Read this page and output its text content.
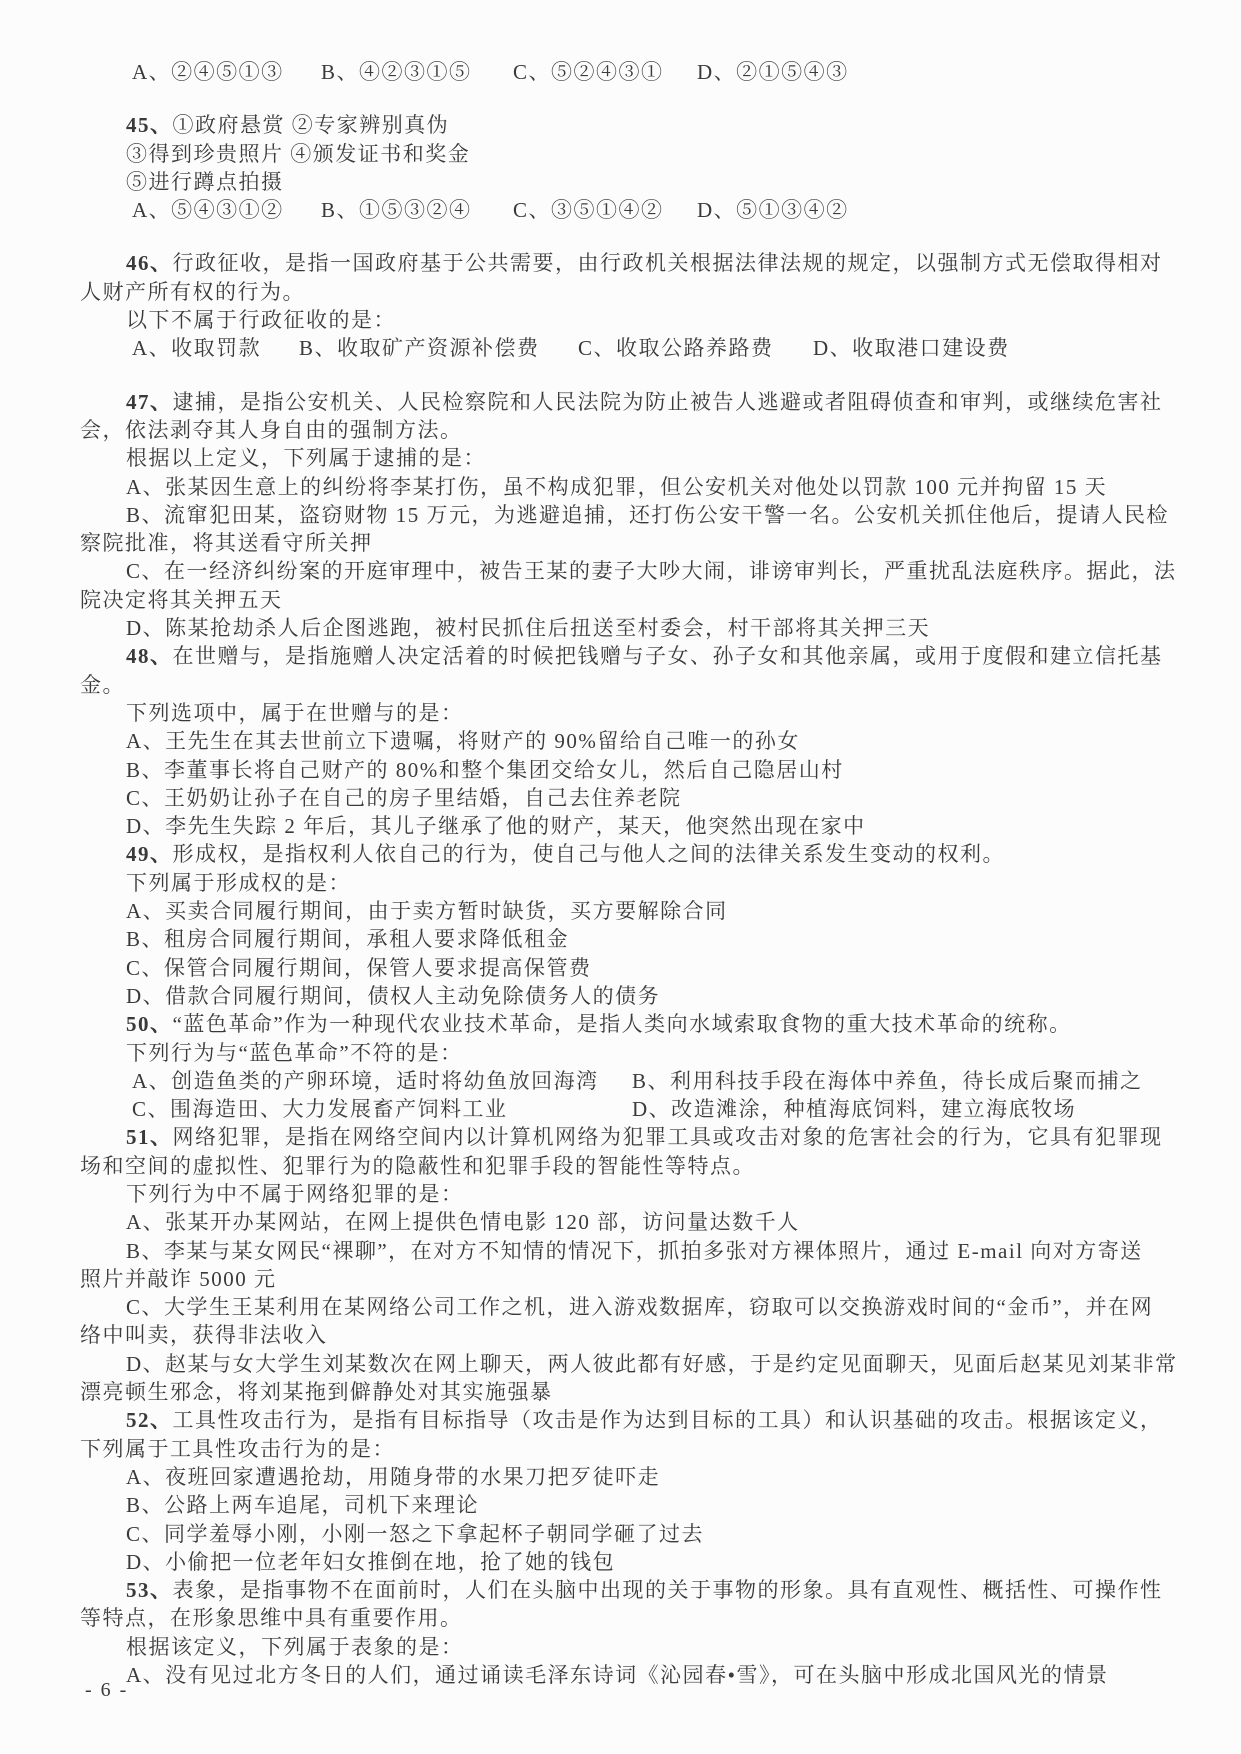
A、②④⑤①③ B、④②③①⑤ C、⑤②④③① D、②①⑤④③
45、①政府悬赏 ②专家辨别真伪
③得到珍贵照片 ④颁发证书和奖金
⑤进行蹲点拍摄
A、⑤④③①② B、①⑤③②④ C、③⑤①④② D、⑤①③④②
46、行政征收，是指一国政府基于公共需要，由行政机关根据法律法规的规定，以强制方式无偿取得相对
人财产所有权的行为。
以下不属于行政征收的是：
A、收取罚款 B、收取矿产资源补偿费 C、收取公路养路费 D、收取港口建设费
47、逮捕，是指公安机关、人民检察院和人民法院为防止被告人逃避或者阻碍侦查和审判，或继续危害社
会，依法剥夺其人身自由的强制方法。
根据以上定义，下列属于逮捕的是：
A、张某因生意上的纠纷将李某打伤，虽不构成犯罪，但公安机关对他处以罚款 100 元并拘留 15 天
B、流窜犯田某，盗窃财物 15 万元，为逃避追捕，还打伤公安干警一名。公安机关抓住他后，提请人民检
察院批准，将其送看守所关押
C、在一经济纠纷案的开庭审理中，被告王某的妻子大吵大闹，诽谤审判长，严重扰乱法庭秩序。据此，法
院决定将其关押五天
D、陈某抢劫杀人后企图逃跑，被村民抓住后扭送至村委会，村干部将其关押三天
48、在世赠与，是指施赠人决定活着的时候把钱赠与子女、孙子女和其他亲属，或用于度假和建立信托基
金。
下列选项中，属于在世赠与的是：
A、王先生在其去世前立下遗嘱，将财产的 90%留给自己唯一的孙女
B、李董事长将自己财产的 80%和整个集团交给女儿，然后自己隐居山村
C、王奶奶让孙子在自己的房子里结婚，自己去住养老院
D、李先生失踪 2 年后，其儿子继承了他的财产，某天，他突然出现在家中
49、形成权，是指权利人依自己的行为，使自己与他人之间的法律关系发生变动的权利。
下列属于形成权的是：
A、买卖合同履行期间，由于卖方暂时缺货，买方要解除合同
B、租房合同履行期间，承租人要求降低租金
C、保管合同履行期间，保管人要求提高保管费
D、借款合同履行期间，债权人主动免除债务人的债务
50、“蓝色革命”作为一种现代农业技术革命，是指人类向水域索取食物的重大技术革命的统称。
下列行为与“蓝色革命”不符的是：
A、创造鱼类的产卵环境，适时将幼鱼放回海湾 B、利用科技手段在海体中养鱼，待长成后聚而捕之
C、围海造田、大力发展畜产饲料工业	D、改造滩涂，种植海底饲料，建立海底牧场
51、网络犯罪，是指在网络空间内以计算机网络为犯罪工具或攻击对象的危害社会的行为，它具有犯罪现
场和空间的虚拟性、犯罪行为的隐蔽性和犯罪手段的智能性等特点。
下列行为中不属于网络犯罪的是：
A、张某开办某网站，在网上提供色情电影 120 部，访问量达数千人
B、李某与某女网民“裸聊”，在对方不知情的情况下，抓拍多张对方裸体照片，通过 E-mail 向对方寄送
照片并敲诈 5000 元
C、大学生王某利用在某网络公司工作之机，进入游戏数据库，窃取可以交换游戏时间的“金币”，并在网
络中叫卖，获得非法收入
D、赵某与女大学生刘某数次在网上聊天，两人彼此都有好感，于是约定见面聊天，见面后赵某见刘某非常
漂亮顿生邪念，将刘某拖到僻静处对其实施强暴
52、工具性攻击行为，是指有目标指导（攻击是作为达到目标的工具）和认识基础的攻击。根据该定义，
下列属于工具性攻击行为的是：
A、夜班回家遭遇抢劫，用随身带的水果刀把歹徒吓走
B、公路上两车追尾，司机下来理论
C、同学羞辱小刚，小刚一怒之下拿起杯子朝同学砸了过去
D、小偷把一位老年妇女推倒在地，抢了她的钱包
53、表象，是指事物不在面前时，人们在头脑中出现的关于事物的形象。具有直观性、概括性、可操作性
等特点，在形象思维中具有重要作用。
根据该定义，下列属于表象的是：
A、没有见过北方冬日的人们，通过诵读毛泽东诗词《沁园春•雪》，可在头脑中形成北国风光的情景
- 6 -
